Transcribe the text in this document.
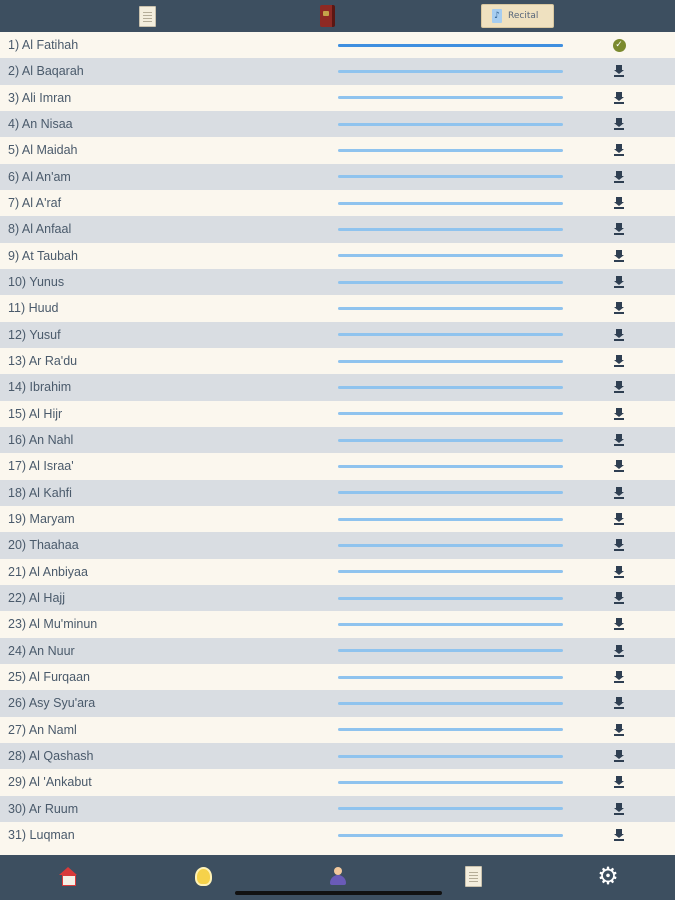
♪ Recital
1) Al Fatihah	✓
2) Al Baqarah
3) Ali Imran
4) An Nisaa
5) Al Maidah
6) Al An'am
7) Al A'raf
8) Al Anfaal
9) At Taubah
10) Yunus
11) Huud
12) Yusuf
13) Ar Ra'du
14) Ibrahim
15) Al Hijr
16) An Nahl
17) Al Israa'
18) Al Kahfi
19) Maryam
20) Thaahaa
21) Al Anbiyaa
22) Al Hajj
23) Al Mu'minun
24) An Nuur
25) Al Furqaan
26) Asy Syu'ara
27) An Naml
28) Al Qashash
29) Al 'Ankabut
30) Ar Ruum
31) Luqman
⚙
